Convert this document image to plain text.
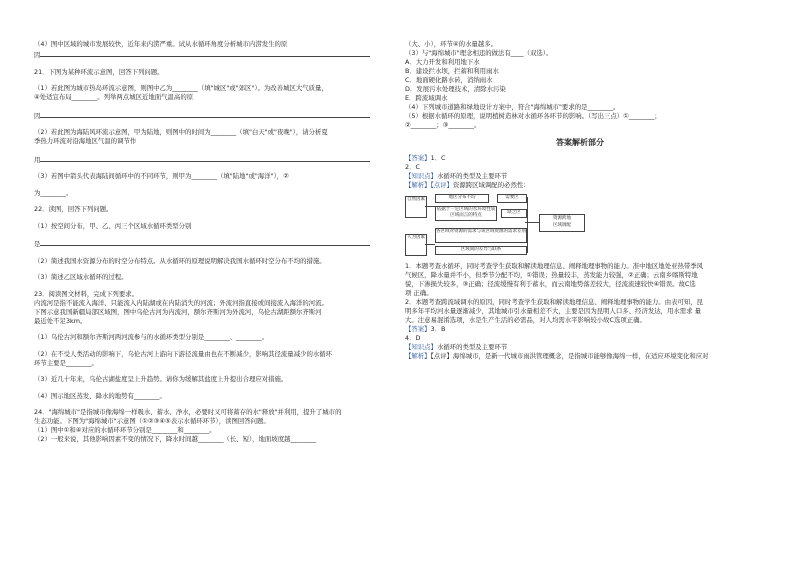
（4）图中区域的城市发展较快，近年来内涝严重。试从水循环角度分析城市内涝发生的原

因

21．下图为某种环流示意图，回答下列问题。

（1）若此图为城市热岛环流示意图，则图中乙为________（填"城区"或"郊区"）。为改善城区大气质量，

④处适宜布局________。列举两点城区近地面气温高的原

因

（2）若此图为海陆风环流示意图，甲为陆地，则图中的时间为________（填"白天"或"夜晚"），请分析夏

季热力环流对沿海地区气温的调节作

用

（3）若图中箭头代表海陆间循环中的不同环节，则甲为________（填"陆地"或"海洋"），②

为________。

22．读图，回答下列问题。

（1）按空间分布，甲、乙、丙三个区域水循环类型分别

是

（2）简述我国水资源分布的时空分布特点。从水循环的原理说明解决我国水循环时空分布不均的措施。

（3）简述乙区域水循环的过程。

23．阅读图文材料，完成下列要求。

内流河是指不能流入海洋、只能流入内陆湖或在内陆消失的河流；外流河指直接或间接流入海洋的河流。

下图示意我国新疆局部区域图，图中乌伦古河为内流河，额尔齐斯河为外流河，乌伦古湖距额尔齐斯河

最近处不足3km。

（1）乌伦古河和额尔齐斯河两河流参与的水循环类型分别是________、________。

（2）在不受人类活动的影响下，乌伦古河上游向下游径流量由也在不断减少，影响其径流量减少的水循环

环节主要是________。

（3）近几十年来，乌伦古湖盐度呈上升趋势。请你为缓解其盐度上升提出合理应对措施。

（4）图示地区蒸发、降水的地势有________。

24．"海绵城市"是指城市像海绵一样吸水、蓄水、净水，必要时又可将蓄存的水"释放"并利用，提升了城市的

生态功能。下图为"海绵城市"示意图（①②③④⑤表示水循环环节），读图回答问题。

（1）图中①和④对应的水循环环节分别是________和________。

（2）一般来说，其他影响因素不变的情况下，降水时间越________（长、短），地面坡度越________

（大、小），环节④的水量越多。

（3）与"海绵城市"理念相违的做法有____（双选）。

A．大力开发和利用地下水

B．建设拦水坝，拦蓄和利用雨水

C．地面硬化路水砖，消纳雨水

D．发展污水处理技术，清除水污染

E．跨流域调水

（4）下列城市道路和绿地设计方案中，符合"海绵城市"要求的是________。

（5）根据水循环的原理，说明植树造林对水循环各环节的影响。（写出三点）①________；

②________；③________。

答案解析部分

【答案】1．C

2．C

【知识点】水循环的类型及主要环节

【解析】【点评】资源跨区域调配的必然性：

自然因素
人为因素
地区分布不均	需要区
依据于一定区域的水环境性质区域而言的特点
缺乏区
各区域对资源的需求与该区域资源的需求差别
区域间的差异与联系
资源跨地
区域调配

1．本题考查水循环，同时考查学生获取和解读地理信息、阐释地理事物的能力。准中地区地处亚热带季风

气候区，降水量并不小，但季节分配不均，①错误；热量较丰，蒸发能力较强，②正确；云南乡喀斯特地

貌，下渗损失较多，③正确；径流缓慢有利于蓄水，而云南地势落差较大，径流流速较快④错误。故C选

项 正确。

2．本题考查跨流域调水的原因，同时考查学生获取和解读地理信息、阐释地理事物的能力。由表可知，昆

明多年平均河水量逐渐减少，其地城市引水量相差不大，主要是因为昆明人口多、经济发达，用水需求 量

大。注意易混淆选项，水是生产生活的必需品，对人均需水平影响较小故C选项正确。

【答案】3．B

4．D

【知识点】水循环的类型及主要环节

【解析】【点评】海绵城市，是新一代城市雨洪管理概念，是指城市能够像海绵一样，在适应环境变化和应对
